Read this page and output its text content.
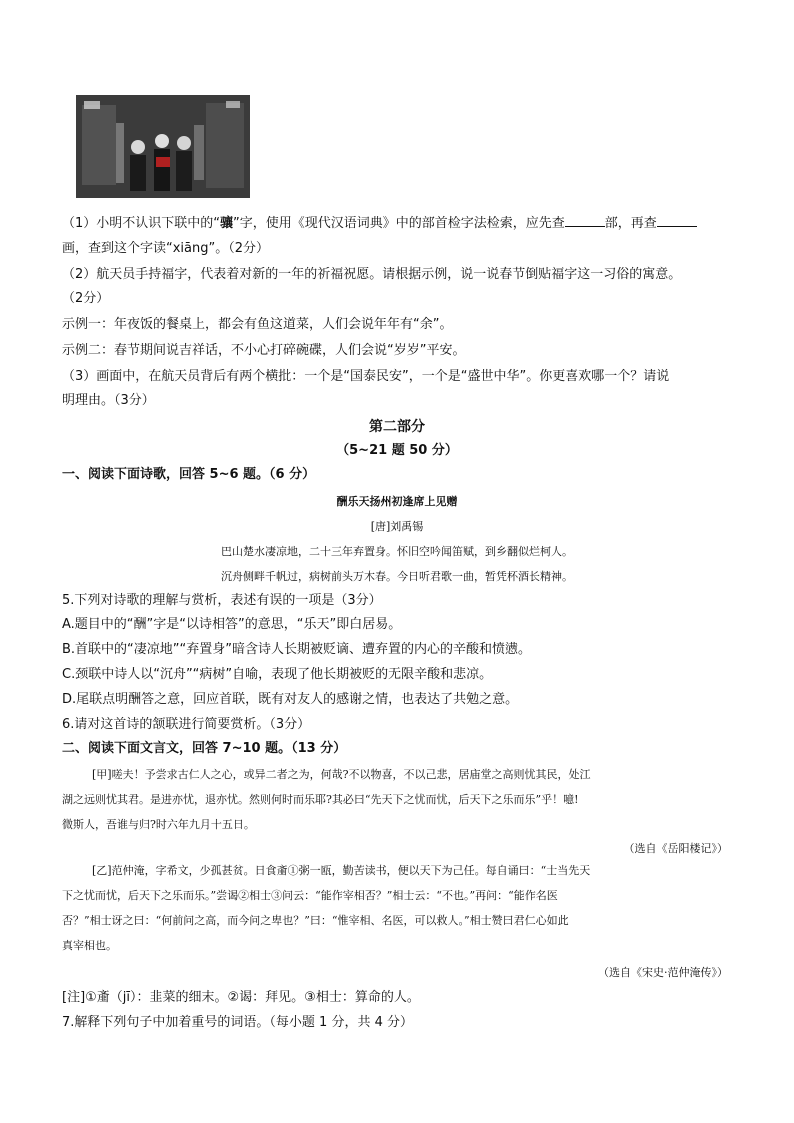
（1）小明不认识下联中的“骧”字，使用《现代汉语词典》中的部首检字法检索，应先查	部，再查
画，查到这个字读“xiāng”。（2分）
（2）航天员手持福字，代表着对新的一年的祈福祝愿。请根据示例，说一说春节倒贴福字这一习俗的寓意。
（2分）
示例一：年夜饭的餐桌上，都会有鱼这道菜，人们会说年年有“余”。
示例二：春节期间说吉祥话，不小心打碎碗碟，人们会说“岁岁”平安。
（3）画面中，在航天员背后有两个横批：一个是“国泰民安”，一个是“盛世中华”。你更喜欢哪一个？请说
明理由。（3分）
第二部分
（5~21 题 50 分）
一、阅读下面诗歌，回答 5~6 题。（6 分）
酬乐天扬州初逢席上见赠
[唐]刘禹锡
巴山楚水凄凉地，二十三年弃置身。怀旧空吟闻笛赋，到乡翻似烂柯人。
沉舟侧畔千帆过，病树前头万木春。今日听君歌一曲，暂凭杯酒长精神。
5.下列对诗歌的理解与赏析，表述有误的一项是（3分）
A.题目中的“酬”字是“以诗相答”的意思，“乐天”即白居易。
B.首联中的“凄凉地”“弃置身”暗含诗人长期被贬谪、遭弃置的内心的辛酸和愤懑。
C.颈联中诗人以“沉舟”“病树”自喻，表现了他长期被贬的无限辛酸和悲凉。
D.尾联点明酬答之意，回应首联，既有对友人的感谢之情，也表达了共勉之意。
6.请对这首诗的颔联进行简要赏析。（3分）
二、阅读下面文言文，回答 7~10 题。（13 分）
[甲]嗟夫！予尝求古仁人之心，或异二者之为，何哉?不以物喜，不以己悲，居庙堂之高则忧其民，处江
湖之远则忧其君。是进亦忧，退亦忧。然则何时而乐耶?其必曰“先天下之忧而忧，后天下之乐而乐”乎！噫!
微斯人，吾谁与归?时六年九月十五日。
（选自《岳阳楼记》）
[乙]范仲淹，字希文，少孤甚贫。日食齑①粥一瓯，勤苦读书，便以天下为己任。每自诵曰：“士当先天
下之忧而忧，后天下之乐而乐。”尝谒②相士③问云：“能作宰相否？”相士云：“不也。”再问：“能作名医
否？”相士讶之曰：“何前问之高，而今问之卑也？”曰：“惟宰相、名医，可以救人。”相士赞曰君仁心如此
真宰相也。
（选自《宋史·范仲淹传》）
[注]①齑（jī）：韭菜的细末。②谒：拜见。③相士：算命的人。
7.解释下列句子中加着重号的词语。（每小题 1 分，共 4 分）
